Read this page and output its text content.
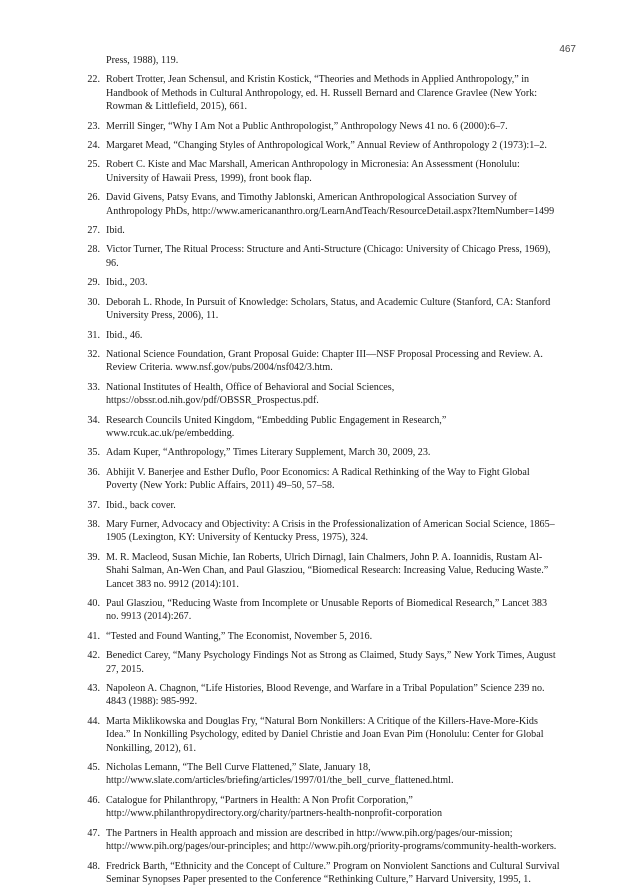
467
Press, 1988), 119.
22. Robert Trotter, Jean Schensul, and Kristin Kostick, “Theories and Methods in Applied Anthropology,” in Handbook of Methods in Cultural Anthropology, ed. H. Russell Bernard and Clarence Gravlee (New York: Rowman & Littlefield, 2015), 661.
23. Merrill Singer, “Why I Am Not a Public Anthropologist,” Anthropology News 41 no. 6 (2000):6–7.
24. Margaret Mead, “Changing Styles of Anthropological Work,” Annual Review of Anthropology 2 (1973):1–2.
25. Robert C. Kiste and Mac Marshall, American Anthropology in Micronesia: An Assessment (Honolulu: University of Hawaii Press, 1999), front book flap.
26. David Givens, Patsy Evans, and Timothy Jablonski, American Anthropological Association Survey of Anthropology PhDs, http://www.americananthro.org/LearnAndTeach/ResourceDetail.aspx?ItemNumber=1499
27. Ibid.
28. Victor Turner, The Ritual Process: Structure and Anti-Structure (Chicago: University of Chicago Press, 1969), 96.
29. Ibid., 203.
30. Deborah L. Rhode, In Pursuit of Knowledge: Scholars, Status, and Academic Culture (Stanford, CA: Stanford University Press, 2006), 11.
31. Ibid., 46.
32. National Science Foundation, Grant Proposal Guide: Chapter III—NSF Proposal Processing and Review. A. Review Criteria. www.nsf.gov/pubs/2004/nsf042/3.htm.
33. National Institutes of Health, Office of Behavioral and Social Sciences, https://obssr.od.nih.gov/pdf/OBSSR_Prospectus.pdf.
34. Research Councils United Kingdom, “Embedding Public Engagement in Research,” www.rcuk.ac.uk/pe/embedding.
35. Adam Kuper, “Anthropology,” Times Literary Supplement, March 30, 2009, 23.
36. Abhijit V. Banerjee and Esther Duflo, Poor Economics: A Radical Rethinking of the Way to Fight Global Poverty (New York: Public Affairs, 2011) 49–50, 57–58.
37. Ibid., back cover.
38. Mary Furner, Advocacy and Objectivity: A Crisis in the Professionalization of American Social Science, 1865–1905 (Lexington, KY: University of Kentucky Press, 1975), 324.
39. M. R. Macleod, Susan Michie, Ian Roberts, Ulrich Dirnagl, Iain Chalmers, John P. A. Ioannidis, Rustam Al-Shahi Salman, An-Wen Chan, and Paul Glasziou, “Biomedical Research: Increasing Value, Reducing Waste.” Lancet 383 no. 9912 (2014):101.
40. Paul Glasziou, “Reducing Waste from Incomplete or Unusable Reports of Biomedical Research,” Lancet 383 no. 9913 (2014):267.
41. “Tested and Found Wanting,” The Economist, November 5, 2016.
42. Benedict Carey, “Many Psychology Findings Not as Strong as Claimed, Study Says,” New York Times, August 27, 2015.
43. Napoleon A. Chagnon, “Life Histories, Blood Revenge, and Warfare in a Tribal Population” Science 239 no. 4843 (1988): 985-992.
44. Marta Miklikowska and Douglas Fry, “Natural Born Nonkillers: A Critique of the Killers-Have-More-Kids Idea.” In Nonkilling Psychology, edited by Daniel Christie and Joan Evan Pim (Honolulu: Center for Global Nonkilling, 2012), 61.
45. Nicholas Lemann, “The Bell Curve Flattened,” Slate, January 18, http://www.slate.com/articles/briefing/articles/1997/01/the_bell_curve_flattened.html.
46. Catalogue for Philanthropy, “Partners in Health: A Non Profit Corporation,” http://www.philanthropydirectory.org/charity/partners-health-nonprofit-corporation
47. The Partners in Health approach and mission are described in http://www.pih.org/pages/our-mission; http://www.pih.org/pages/our-principles; and http://www.pih.org/priority-programs/community-health-workers.
48. Fredrick Barth, “Ethnicity and the Concept of Culture.” Program on Nonviolent Sanctions and Cultural Survival Seminar Synopses Paper presented to the Conference “Rethinking Culture,” Harvard University, 1995, 1.
